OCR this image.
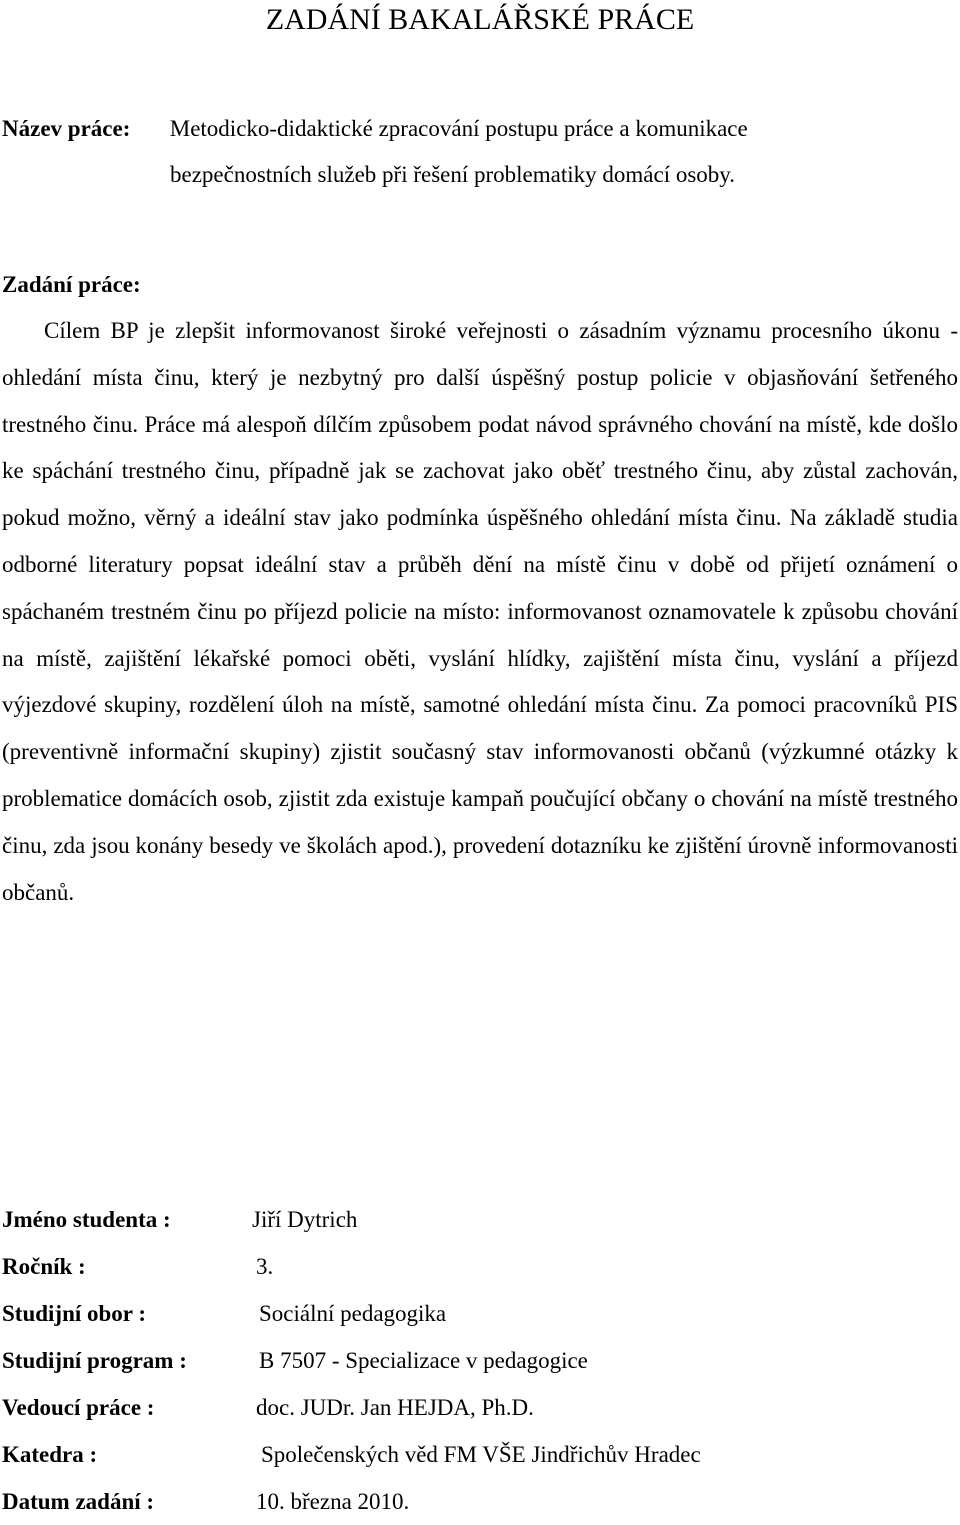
ZADÁNÍ BAKALÁŘSKÉ PRÁCE
Název práce: Metodicko-didaktické zpracování postupu práce a komunikace
bezpečnostních služeb při řešení problematiky domácí osoby.
Zadání práce:

Cílem BP je zlepšit informovanost široké veřejnosti o zásadním významu procesního úkonu - ohledání místa činu, který je nezbytný pro další úspěšný postup policie v objasňování šetřeného trestného činu. Práce má alespoň dílčím způsobem podat návod správného chování na místě, kde došlo ke spáchání trestného činu, případně jak se zachovat jako oběť trestného činu, aby zůstal zachován, pokud možno, věrný a ideální stav jako podmínka úspěšného ohledání místa činu. Na základě studia odborné literatury popsat ideální stav a průběh dění na místě činu v době od přijetí oznámení o spáchaném trestném činu po příjezd policie na místo: informovanost oznamovatele k způsobu chování na místě, zajištění lékařské pomoci oběti, vyslání hlídky, zajištění místa činu, vyslání a příjezd výjezdové skupiny, rozdělení úloh na místě, samotné ohledání místa činu. Za pomoci pracovníků PIS (preventivně informační skupiny) zjistit současný stav informovanosti občanů (výzkumné otázky k problematice domácích osob, zjistit zda existuje kampaň poučující občany o chování na místě trestného činu, zda jsou konány besedy ve školách apod.), provedení dotazníku ke zjištění úrovně informovanosti občanů.

Jméno studenta :	Jiří Dytrich
Ročník :	3.
Studijní obor :	Sociální pedagogika
Studijní program :	B 7507 - Specializace v pedagogice
Vedoucí práce :	doc. JUDr. Jan HEJDA, Ph.D.
Katedra :	Společenských věd FM VŠE Jindřichův Hradec
Datum zadání :	10. března 2010.
